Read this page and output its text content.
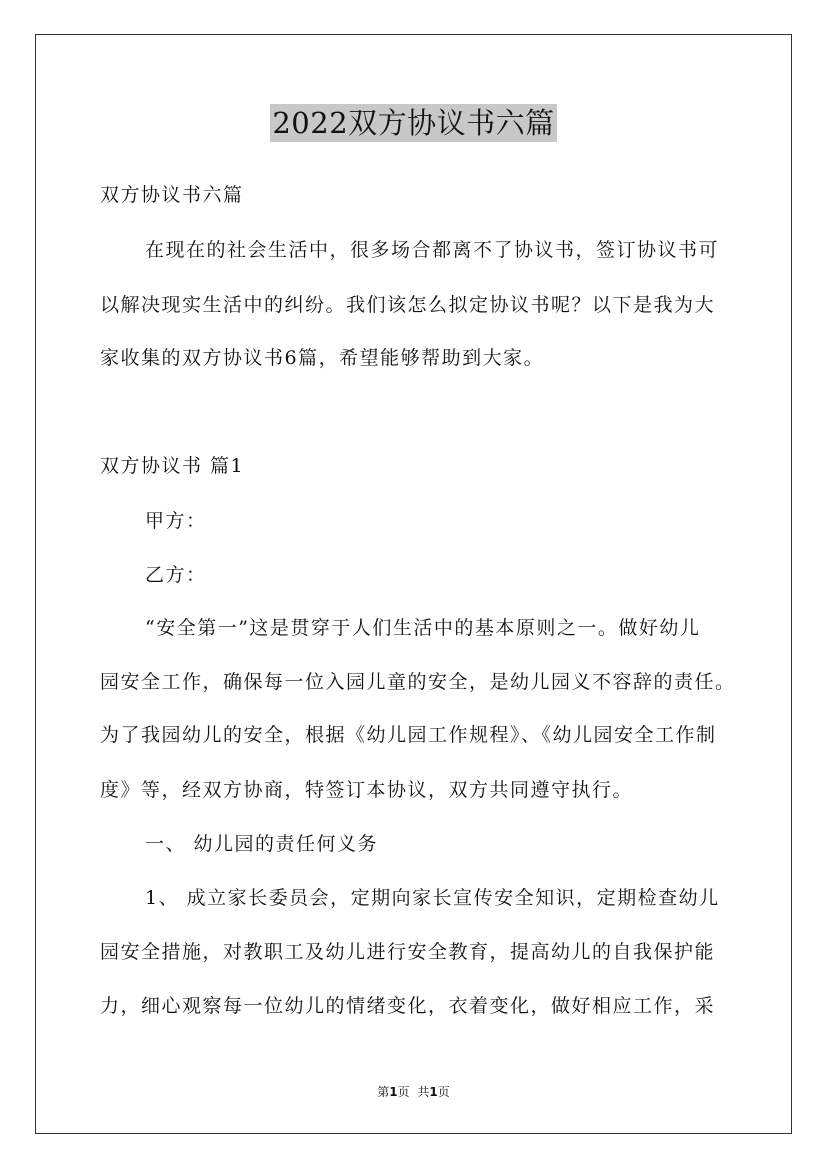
2022双方协议书六篇
双方协议书六篇
在现在的社会生活中，很多场合都离不了协议书，签订协议书可
以解决现实生活中的纠纷。我们该怎么拟定协议书呢？以下是我为大
家收集的双方协议书6篇，希望能够帮助到大家。
双方协议书 篇1
甲方：
乙方：
“安全第一”这是贯穿于人们生活中的基本原则之一。做好幼儿
园安全工作，确保每一位入园儿童的安全，是幼儿园义不容辞的责任。
为了我园幼儿的安全，根据《幼儿园工作规程》、《幼儿园安全工作制
度》等，经双方协商，特签订本协议，双方共同遵守执行。
一、 幼儿园的责任何义务
1、 成立家长委员会，定期向家长宣传安全知识，定期检查幼儿
园安全措施，对教职工及幼儿进行安全教育，提高幼儿的自我保护能
力，细心观察每一位幼儿的情绪变化，衣着变化，做好相应工作，采
第1页 共1页
